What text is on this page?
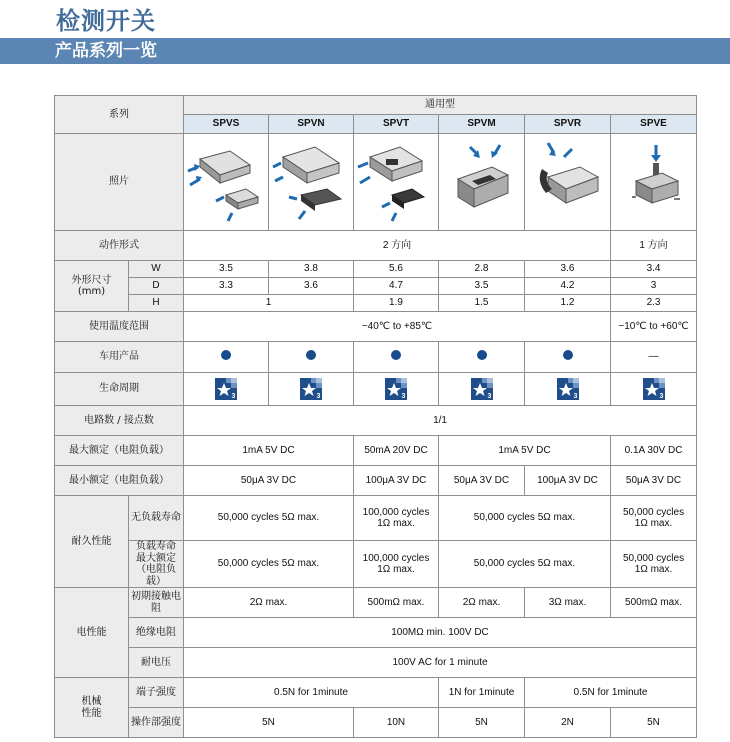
检测开关
产品系列一览
系列		通用型					
		SPVS	SPVN	SPVT	SPVM	SPVR	SPVE
照片	

动作形式		2 方向					1 方向
外形尺寸
(mm)	W	3.5	3.8	5.6	2.8	3.6	3.4
	D	3.3	3.6	4.7	3.5	4.2	3
	H	1		1.9	1.5	1.2	2.3
使用温度范围		−40℃ to +85℃					−10℃ to +60℃
车用产品							—
生命周期		3	3	3	3	3	3

电路数 / 接点数		1/1					
最大额定（电阻负载）		1mA 5V DC		50mA 20V DC	1mA 5V DC		0.1A 30V DC
最小额定（电阻负载）		50μA 3V DC		100μA 3V DC	50μA 3V DC	100μA 3V DC	50μA 3V DC
耐久性能	无负载寿命	50,000 cycles 5Ω max.		100,000 cycles
1Ω max.	50,000 cycles 5Ω max.		50,000 cycles
1Ω max.
	负载寿命
最大额定
（电阻负载）	50,000 cycles 5Ω max.		100,000 cycles
1Ω max.	50,000 cycles 5Ω max.		50,000 cycles
1Ω max.
电性能	初期接触电阻	2Ω max.		500mΩ max.	2Ω max.	3Ω max.	500mΩ max.
	绝缘电阻	100MΩ min. 100V DC					
	耐电压	100V AC for 1 minute					
机械
性能	端子强度	0.5N for 1minute			1N for 1minute	0.5N for 1minute	
	操作部强度	5N		10N	5N	2N	5N
